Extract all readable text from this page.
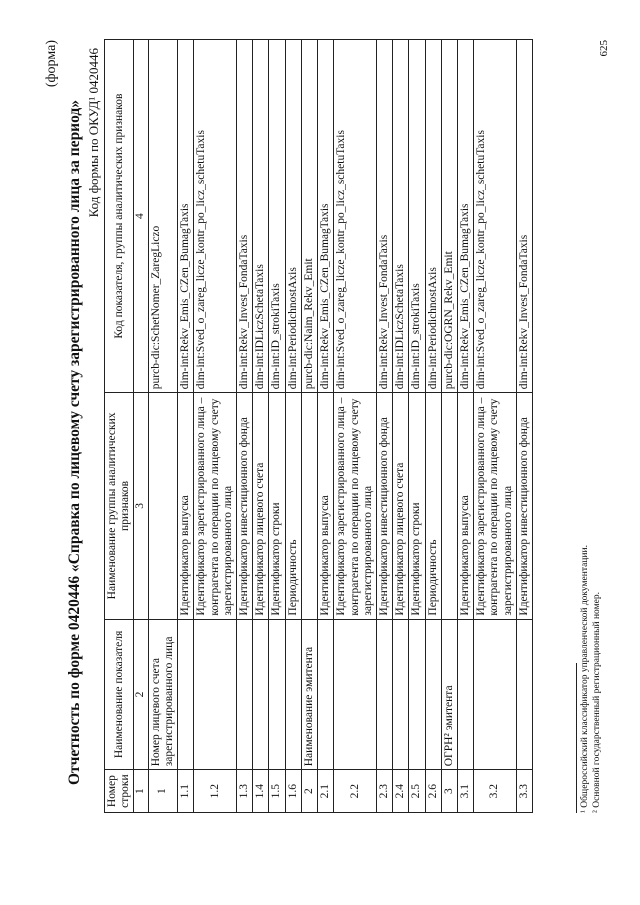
(форма)
Отчетность по форме 0420446 «Справка по лицевому счету зарегистрированного лица за период» Код формы по ОКУД¹ 0420446
Номер строки	Наименование показателя	Наименование группы аналитических признаков	Код показателя, группы аналитических признаков
1	2	3	4
1	Номер лицевого счета зарегистрированного лица		purcb-dic:SchetNomer_ZaregLiczo
1.1		Идентификатор выпуска	dim-int:Rekv_Emis_CZen_BumagTaxis
1.2		Идентификатор зарегистрированного лица – контрагента по операции по лицевому счету зарегистрированного лица	dim-int:Sved_o_zareg_licze_kontr_po_licz_schetuTaxis
1.3		Идентификатор инвестиционного фонда	dim-int:Rekv_Invest_FondaTaxis
1.4		Идентификатор лицевого счета	dim-int:IDLiczSchetaTaxis
1.5		Идентификатор строки	dim-int:ID_strokiTaxis
1.6		Периодичность	dim-int:PeriodichnostAxis
2	Наименование эмитента		purcb-dic:Naim_Rekv_Emit
2.1		Идентификатор выпуска	dim-int:Rekv_Emis_CZen_BumagTaxis
2.2		Идентификатор зарегистрированного лица – контрагента по операции по лицевому счету зарегистрированного лица	dim-int:Sved_o_zareg_licze_kontr_po_licz_schetuTaxis
2.3		Идентификатор инвестиционного фонда	dim-int:Rekv_Invest_FondaTaxis
2.4		Идентификатор лицевого счета	dim-int:IDLiczSchetaTaxis
2.5		Идентификатор строки	dim-int:ID_strokiTaxis
2.6		Периодичность	dim-int:PeriodichnostAxis
3	ОГРН² эмитента		purcb-dic:OGRN_Rekv_Emit
3.1		Идентификатор выпуска	dim-int:Rekv_Emis_CZen_BumagTaxis
3.2		Идентификатор зарегистрированного лица – контрагента по операции по лицевому счету зарегистрированного лица	dim-int:Sved_o_zareg_licze_kontr_po_licz_schetuTaxis
3.3		Идентификатор инвестиционного фонда	dim-int:Rekv_Invest_FondaTaxis
¹ Общероссийский классификатор управленческой документации. ² Основной государственный регистрационный номер.
625
